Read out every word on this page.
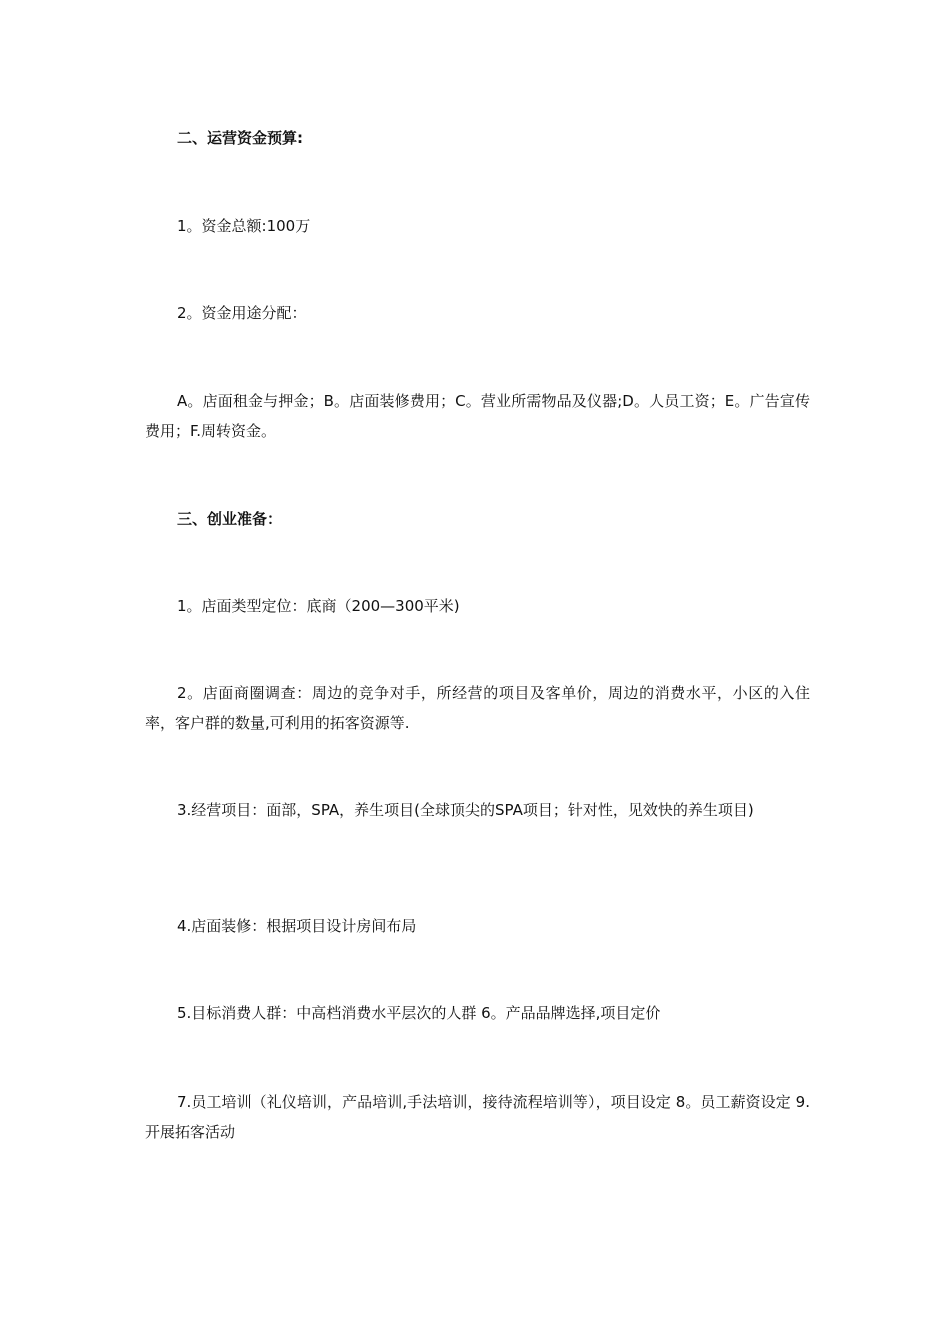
二、运营资金预算:

1。资金总额:100万

2。资金用途分配：

A。店面租金与押金；B。店面装修费用；C。营业所需物品及仪器;D。人员工资；E。广告宣传费用；F.周转资金。

三、创业准备：

1。店面类型定位：底商（200—300平米)

2。店面商圈调查：周边的竞争对手，所经营的项目及客单价，周边的消费水平，小区的入住率，客户群的数量,可利用的拓客资源等.

3.经营项目：面部，SPA，养生项目(全球顶尖的SPA项目；针对性，见效快的养生项目)

4.店面装修：根据项目设计房间布局

5.目标消费人群：中高档消费水平层次的人群 6。产品品牌选择,项目定价

7.员工培训（礼仪培训，产品培训,手法培训，接待流程培训等），项目设定 8。员工薪资设定 9.开展拓客活动
